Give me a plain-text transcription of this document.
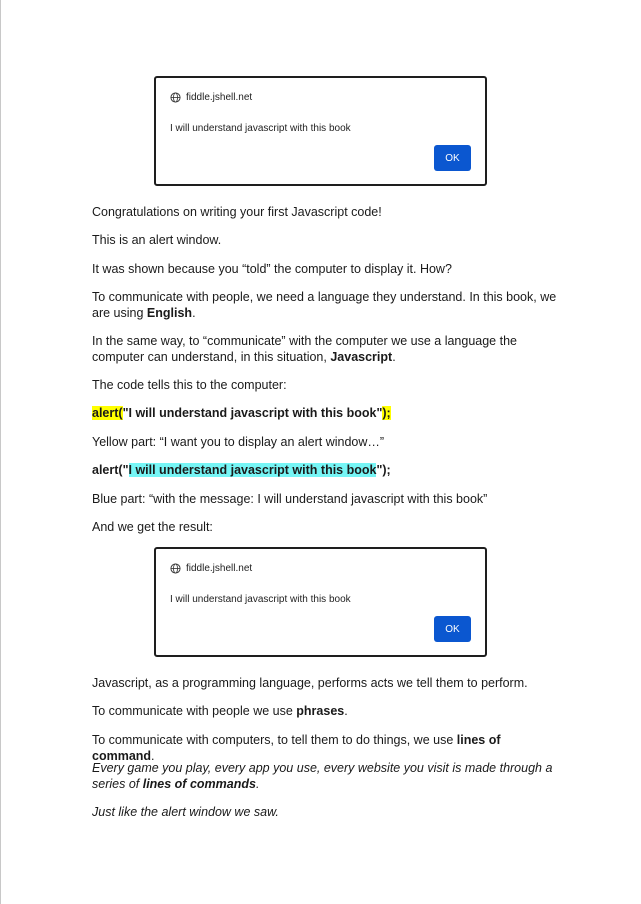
fiddle.jshell.net
I will understand javascript with this book
OK

Congratulations on writing your first Javascript code!

This is an alert window.

It was shown because you “told” the computer to display it. How?

To communicate with people, we need a language they understand. In this book, we are using English.

In the same way, to “communicate” with the computer we use a language the computer can understand, in this situation, Javascript.

The code tells this to the computer:

alert("I will understand javascript with this book");

Yellow part: “I want you to display an alert window…”

alert("I will understand javascript with this book");

Blue part: “with the message: I will understand javascript with this book”

And we get the result:

fiddle.jshell.net
I will understand javascript with this book
OK

Javascript, as a programming language, performs acts we tell them to perform.

To communicate with people we use phrases.

To communicate with computers, to tell them to do things, we use lines of command.

Every game you play, every app you use, every website you visit is made through a series of lines of commands.

Just like the alert window we saw.
